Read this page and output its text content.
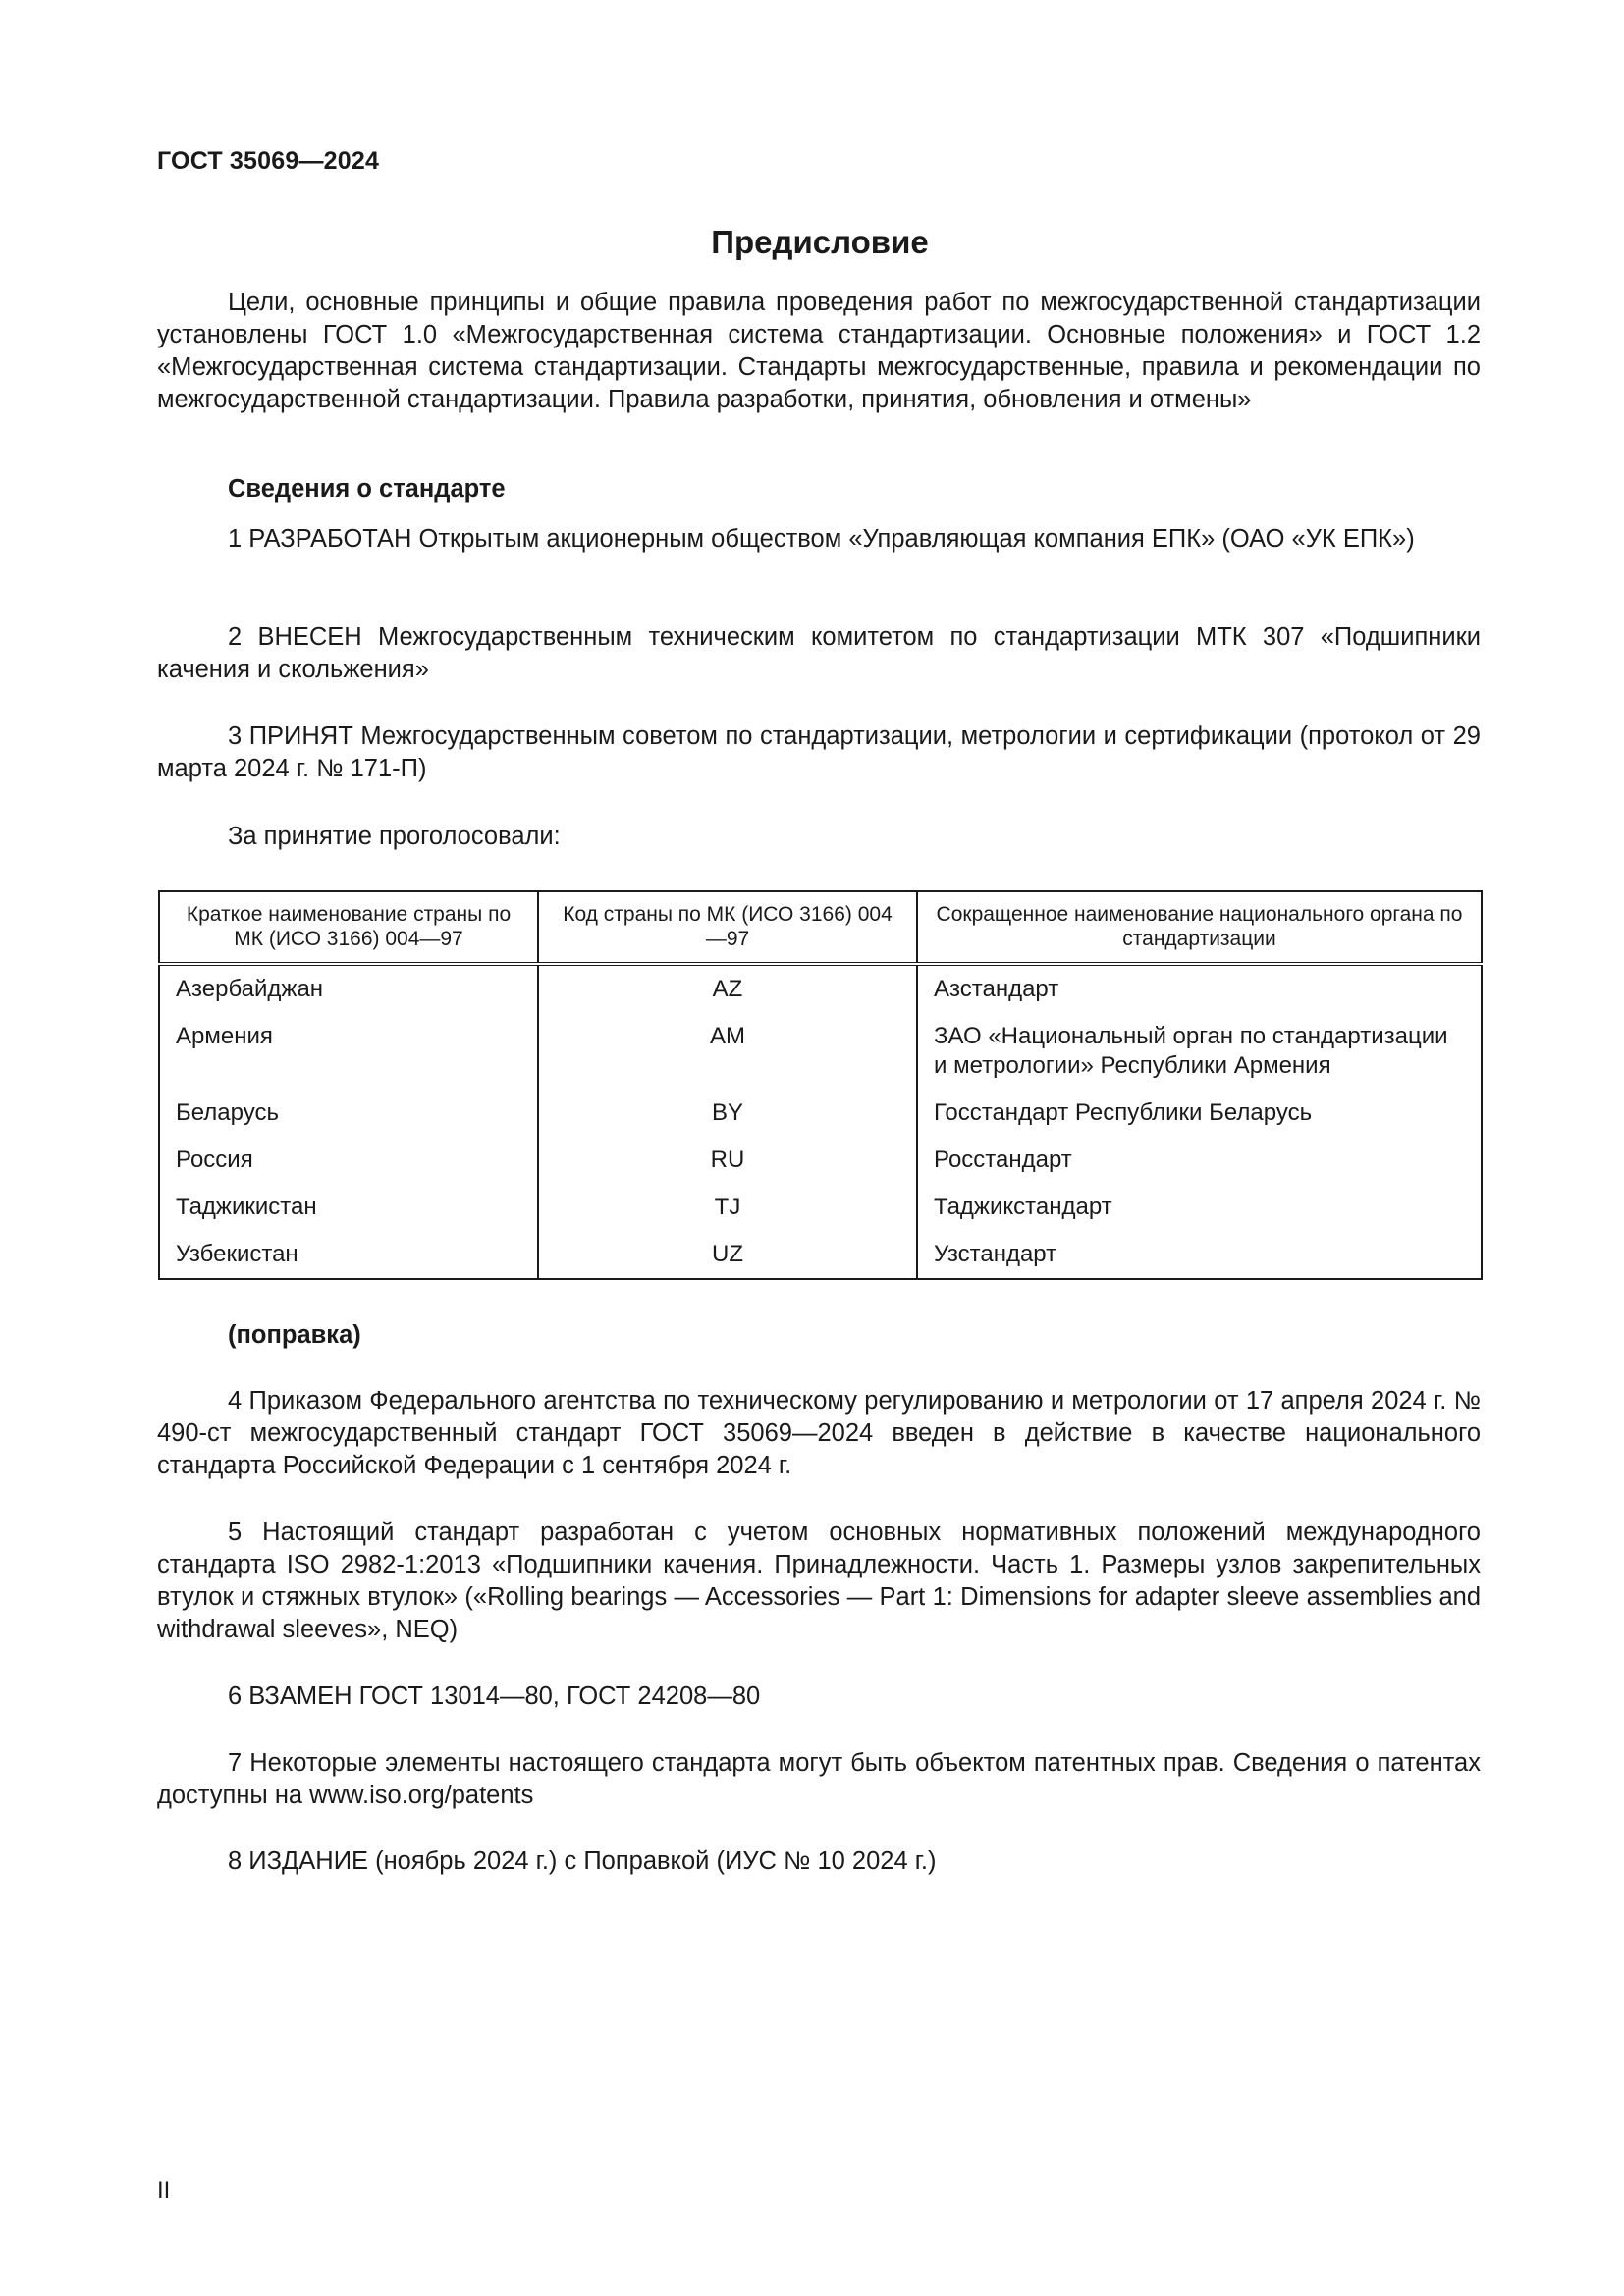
ГОСТ 35069—2024
Предисловие

Цели, основные принципы и общие правила проведения работ по межгосударственной стандартизации установлены ГОСТ 1.0 «Межгосударственная система стандартизации. Основные положения» и ГОСТ 1.2 «Межгосударственная система стандартизации. Стандарты межгосударственные, правила и рекомендации по межгосударственной стандартизации. Правила разработки, принятия, обновления и отмены»

Сведения о стандарте

1 РАЗРАБОТАН Открытым акционерным обществом «Управляющая компания ЕПК» (ОАО «УК ЕПК»)

2 ВНЕСЕН Межгосударственным техническим комитетом по стандартизации МТК 307 «Подшипники качения и скольжения»

3 ПРИНЯТ Межгосударственным советом по стандартизации, метрологии и сертификации (протокол от 29 марта 2024 г. № 171-П)

За принятие проголосовали:

Краткое наименование страны по МК (ИСО 3166) 004—97	Код страны по МК (ИСО 3166) 004—97	Сокращенное наименование национального органа по стандартизации
Азербайджан	AZ	Азстандарт
Армения	AM	ЗАО «Национальный орган по стандартизации и метрологии» Республики Армения
Беларусь	BY	Госстандарт Республики Беларусь
Россия	RU	Росстандарт
Таджикистан	TJ	Таджикстандарт
Узбекистан	UZ	Узстандарт

(поправка)

4 Приказом Федерального агентства по техническому регулированию и метрологии от 17 апреля 2024 г. № 490-ст межгосударственный стандарт ГОСТ 35069—2024 введен в действие в качестве национального стандарта Российской Федерации с 1 сентября 2024 г.

5 Настоящий стандарт разработан с учетом основных нормативных положений международного стандарта ISO 2982-1:2013 «Подшипники качения. Принадлежности. Часть 1. Размеры узлов закрепительных втулок и стяжных втулок» («Rolling bearings — Accessories — Part 1: Dimensions for adapter sleeve assemblies and withdrawal sleeves», NEQ)

6 ВЗАМЕН ГОСТ 13014—80, ГОСТ 24208—80

7 Некоторые элементы настоящего стандарта могут быть объектом патентных прав. Сведения о патентах доступны на www.iso.org/patents

8 ИЗДАНИЕ (ноябрь 2024 г.) с Поправкой (ИУС № 10 2024 г.)

II
